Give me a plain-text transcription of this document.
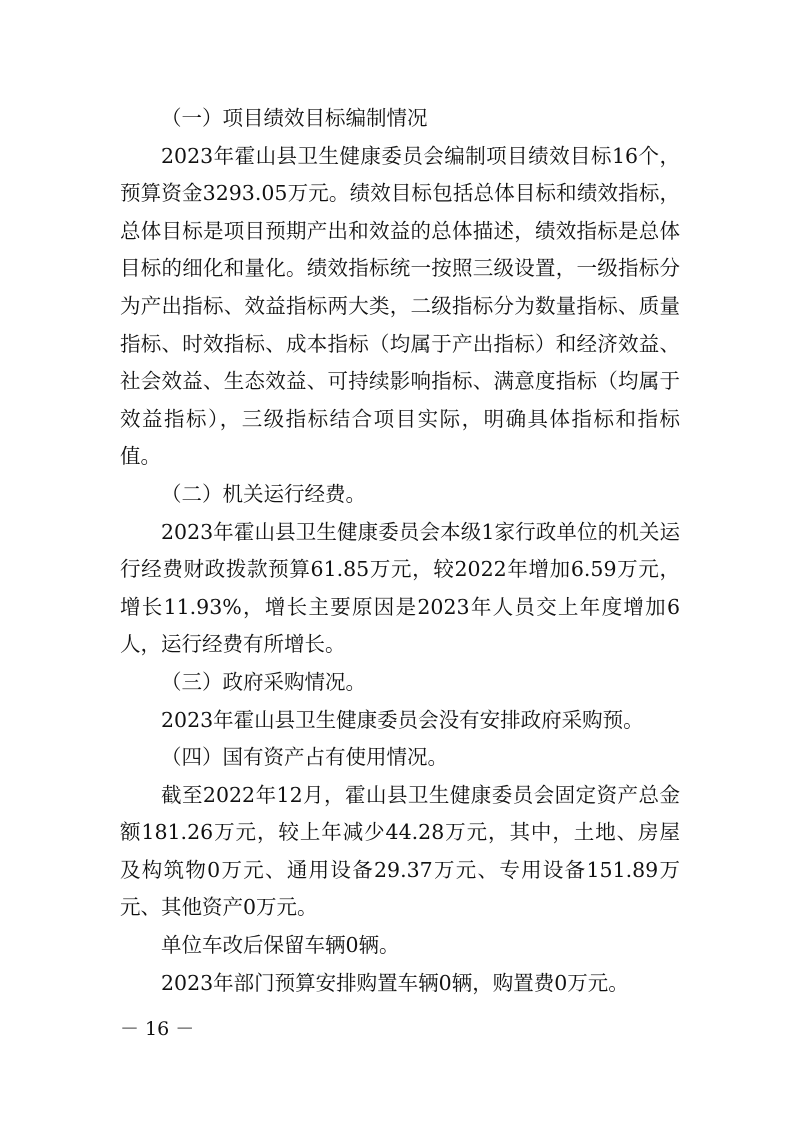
（一）项目绩效目标编制情况

2023年霍山县卫生健康委员会编制项目绩效目标16个，预算资金3293.05万元。绩效目标包括总体目标和绩效指标，总体目标是项目预期产出和效益的总体描述，绩效指标是总体目标的细化和量化。绩效指标统一按照三级设置，一级指标分为产出指标、效益指标两大类，二级指标分为数量指标、质量指标、时效指标、成本指标（均属于产出指标）和经济效益、社会效益、生态效益、可持续影响指标、满意度指标（均属于效益指标），三级指标结合项目实际，明确具体指标和指标值。

（二）机关运行经费。

2023年霍山县卫生健康委员会本级1家行政单位的机关运行经费财政拨款预算61.85万元，较2022年增加6.59万元，增长11.93%，增长主要原因是2023年人员交上年度增加6人，运行经费有所增长。

（三）政府采购情况。

2023年霍山县卫生健康委员会没有安排政府采购预。

（四）国有资产占有使用情况。

截至2022年12月，霍山县卫生健康委员会固定资产总金额181.26万元，较上年减少44.28万元，其中，土地、房屋及构筑物0万元、通用设备29.37万元、专用设备151.89万元、其他资产0万元。

单位车改后保留车辆0辆。

2023年部门预算安排购置车辆0辆，购置费0万元。

－ 16 －
